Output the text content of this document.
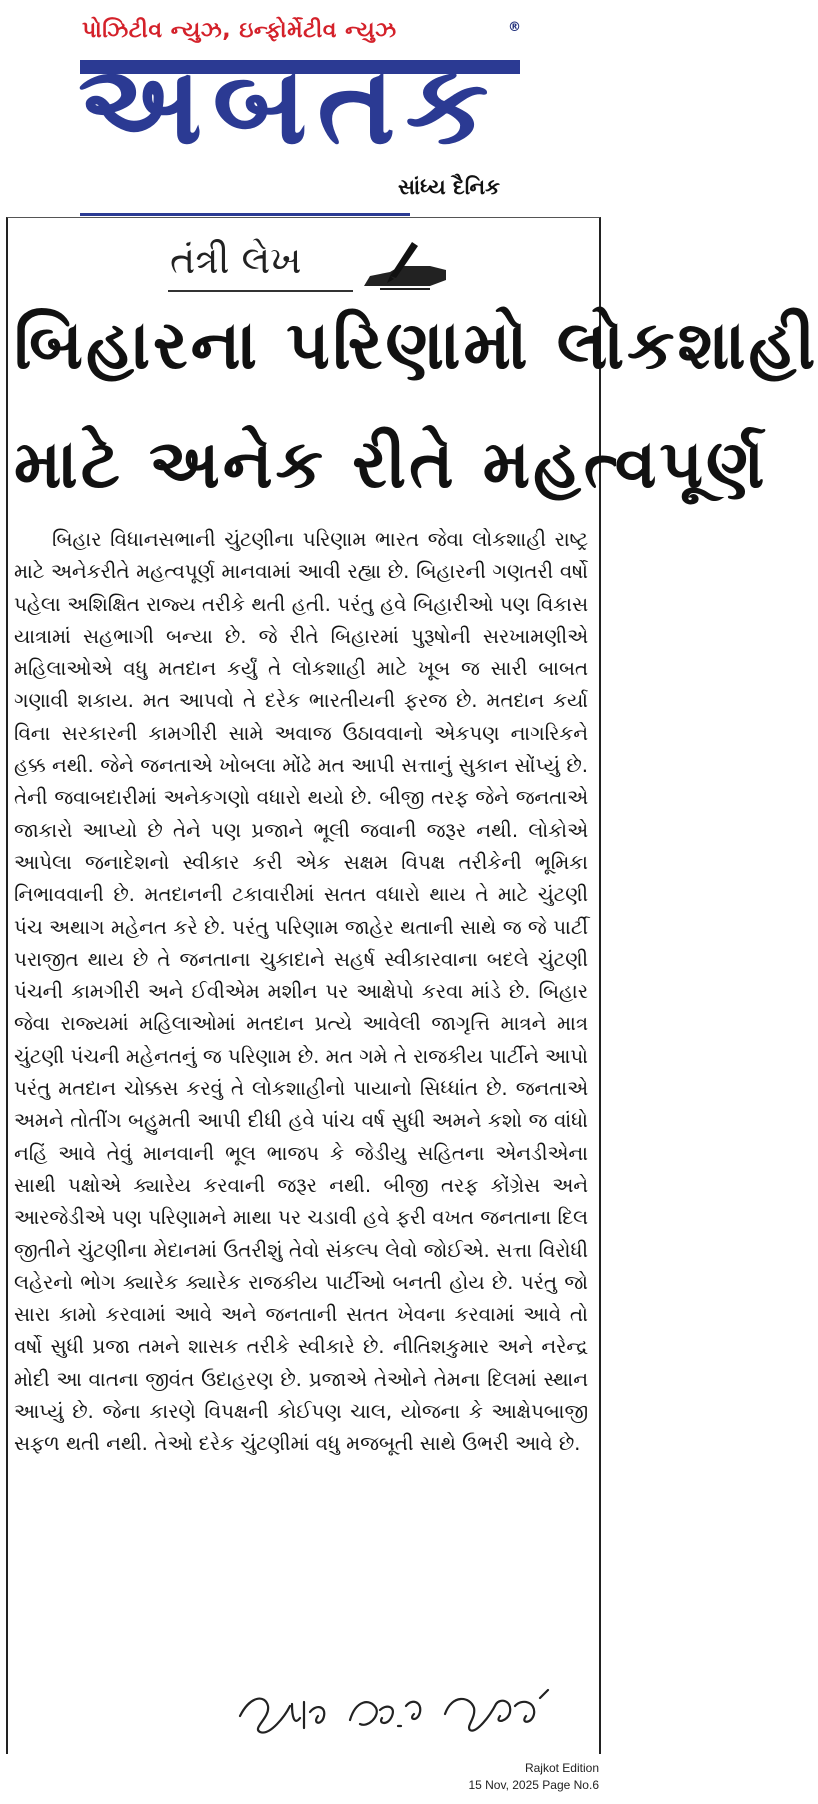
પોઝિટીવ ન્યુઝ, ઇન્ફોર્મેટીવ ન્યુઝ	®
અબતક
સાંધ્ય દૈનિક
તંત્રી લેખ
બિહારના પરિણામો લોકશાહી
માટે અનેક રીતે મહત્વપૂર્ણ

બિહાર વિધાનસભાની ચુંટણીના પરિણામ ભારત જેવા લોકશાહી રાષ્ટ્ર માટે અનેકરીતે મહત્વપૂર્ણ માનવામાં આવી રહ્યા છે. બિહારની ગણતરી વર્ષો પહેલા અશિક્ષિત રાજ્ય તરીકે થતી હતી. પરંતુ હવે બિહારીઓ પણ વિકાસ યાત્રામાં સહભાગી બન્યા છે. જે રીતે બિહારમાં પુરૂષોની સરખામણીએ મહિલાઓએ વધુ મતદાન કર્યું તે લોકશાહી માટે ખૂબ જ સારી બાબત ગણાવી શકાય. મત આપવો તે દરેક ભારતીયની ફરજ છે. મતદાન કર્યા વિના સરકારની કામગીરી સામે અવાજ ઉઠાવવાનો એકપણ નાગરિકને હક્ક નથી. જેને જનતાએ ખોબલા મોંઢે મત આપી સત્તાનું સુકાન સોંપ્યું છે. તેની જવાબદારીમાં અનેકગણો વધારો થયો છે. બીજી તરફ જેને જનતાએ જાકારો આપ્યો છે તેને પણ પ્રજાને ભૂલી જવાની જરૂર નથી. લોકોએ આપેલા જનાદેશનો સ્વીકાર કરી એક સક્ષમ વિપક્ષ તરીકેની ભૂમિકા નિભાવવાની છે. મતદાનની ટકાવારીમાં સતત વધારો થાય તે માટે ચુંટણી પંચ અથાગ મહેનત કરે છે. પરંતુ પરિણામ જાહેર થતાની સાથે જ જે પાર્ટી પરાજીત થાય છે તે જનતાના ચુકાદાને સહર્ષ સ્વીકારવાના બદલે ચુંટણી પંચની કામગીરી અને ઈવીએમ મશીન પર આક્ષેપો કરવા માંડે છે. બિહાર જેવા રાજ્યમાં મહિલાઓમાં મતદાન પ્રત્યે આવેલી જાગૃત્તિ માત્રને માત્ર ચુંટણી પંચની મહેનતનું જ પરિણામ છે. મત ગમે તે રાજકીય પાર્ટીને આપો પરંતુ મતદાન ચોક્કસ કરવું તે લોકશાહીનો પાયાનો સિધ્ધાંત છે. જનતાએ અમને તોતીંગ બહુમતી આપી દીધી હવે પાંચ વર્ષ સુધી અમને કશો જ વાંધો નહિં આવે તેવું માનવાની ભૂલ ભાજપ કે જેડીયુ સહિતના એનડીએના સાથી પક્ષોએ ક્યારેય કરવાની જરૂર નથી. બીજી તરફ કોંગ્રેસ અને આરજેડીએ પણ પરિણામને માથા પર ચડાવી હવે ફરી વખત જનતાના દિલ જીતીને ચુંટણીના મેદાનમાં ઉતરીશું તેવો સંકલ્પ લેવો જોઈએ. સત્તા વિરોધી લહેરનો ભોગ ક્યારેક ક્યારેક રાજકીય પાર્ટીઓ બનતી હોય છે. પરંતુ જો સારા કામો કરવામાં આવે અને જનતાની સતત ખેવના કરવામાં આવે તો વર્ષો સુધી પ્રજા તમને શાસક તરીકે સ્વીકારે છે. નીતિશકુમાર અને નરેન્દ્ર મોદી આ વાતના જીવંત ઉદાહરણ છે. પ્રજાએ તેઓને તેમના દિલમાં સ્થાન આપ્યું છે. જેના કારણે વિપક્ષની કોઈપણ ચાલ, યોજના કે આક્ષેપબાજી સફળ થતી નથી. તેઓ દરેક ચુંટણીમાં વધુ મજબૂતી સાથે ઉભરી આવે છે.

Rajkot Edition
15 Nov, 2025 Page No.6
